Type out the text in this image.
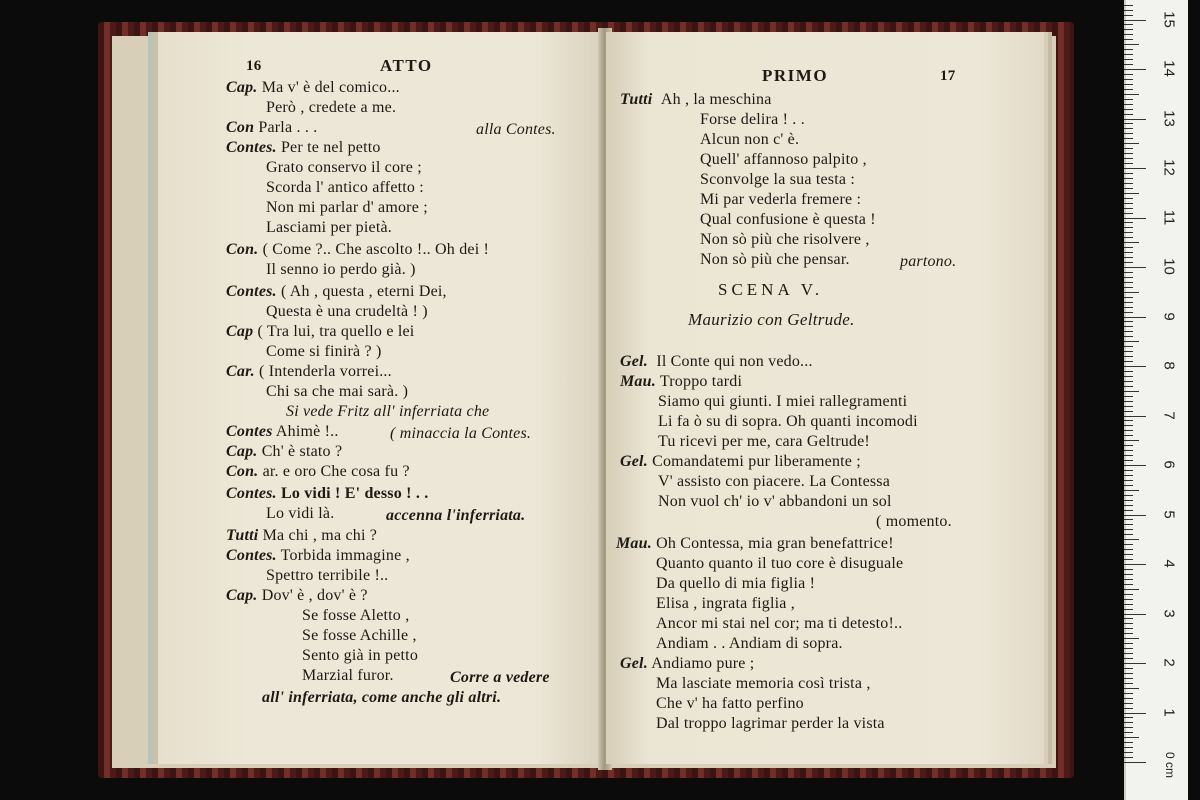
16	ATTO
Cap. Ma v' è del comico...
Però , credete a me.
Con Parla . . .	alla Contes.
Contes. Per te nel petto
Grato conservo il core ;
Scorda l' antico affetto :
Non mi parlar d' amore ;
Lasciami per pietà.
Con. ( Come ?.. Che ascolto !.. Oh dei !
Il senno io perdo già. )
Contes. ( Ah , questa , eterni Dei,
Questa è una crudeltà ! )
Cap ( Tra lui, tra quello e lei
Come si finirà ? )
Car. ( Intenderla vorrei...
Chi sa che mai sarà. )
Si vede Fritz all' inferriata che
Contes Ahimè !..	( minaccia la Contes.
Cap. Ch' è stato ?
Con. ar. e oro Che cosa fu ?
Contes. Lo vidi ! E' desso ! . .
Lo vidi là.	accenna l'inferriata.
Tutti Ma chi , ma chi ?
Contes. Torbida immagine ,
Spettro terribile !..
Cap. Dov' è , dov' è ?
Se fosse Aletto ,
Se fosse Achille ,
Sento già in petto
Marzial furor.	Corre a vedere
all' inferriata, come anche gli altri.
PRIMO	17
Tutti Ah , la meschina
Forse delira ! . .
Alcun non c' è.
Quell' affannoso palpito ,
Sconvolge la sua testa :
Mi par vederla fremere :
Qual confusione è questa !
Non sò più che risolvere ,
Non sò più che pensar.	partono.
SCENA V.
Maurizio con Geltrude.
Gel. Il Conte qui non vedo...
Mau. Troppo tardi
Siamo qui giunti. I miei rallegramenti
Li fa ò su di sopra. Oh quanti incomodi
Tu ricevi per me, cara Geltrude!
Gel. Comandatemi pur liberamente ;
V' assisto con piacere. La Contessa
Non vuol ch' io v' abbandoni un sol
( momento.
Mau. Oh Contessa, mia gran benefattrice!
Quanto quanto il tuo core è disuguale
Da quello di mia figlia !
Elisa , ingrata figlia ,
Ancor mi stai nel cor; ma ti detesto!..
Andiam . . Andiam di sopra.
Gel. Andiamo pure ;
Ma lasciate memoria così trista ,
Che v' ha fatto perfino
Dal troppo lagrimar perder la vista
0 cm
1
2
3
4
5
6
7
8
9
10
11
12
13
14
15
